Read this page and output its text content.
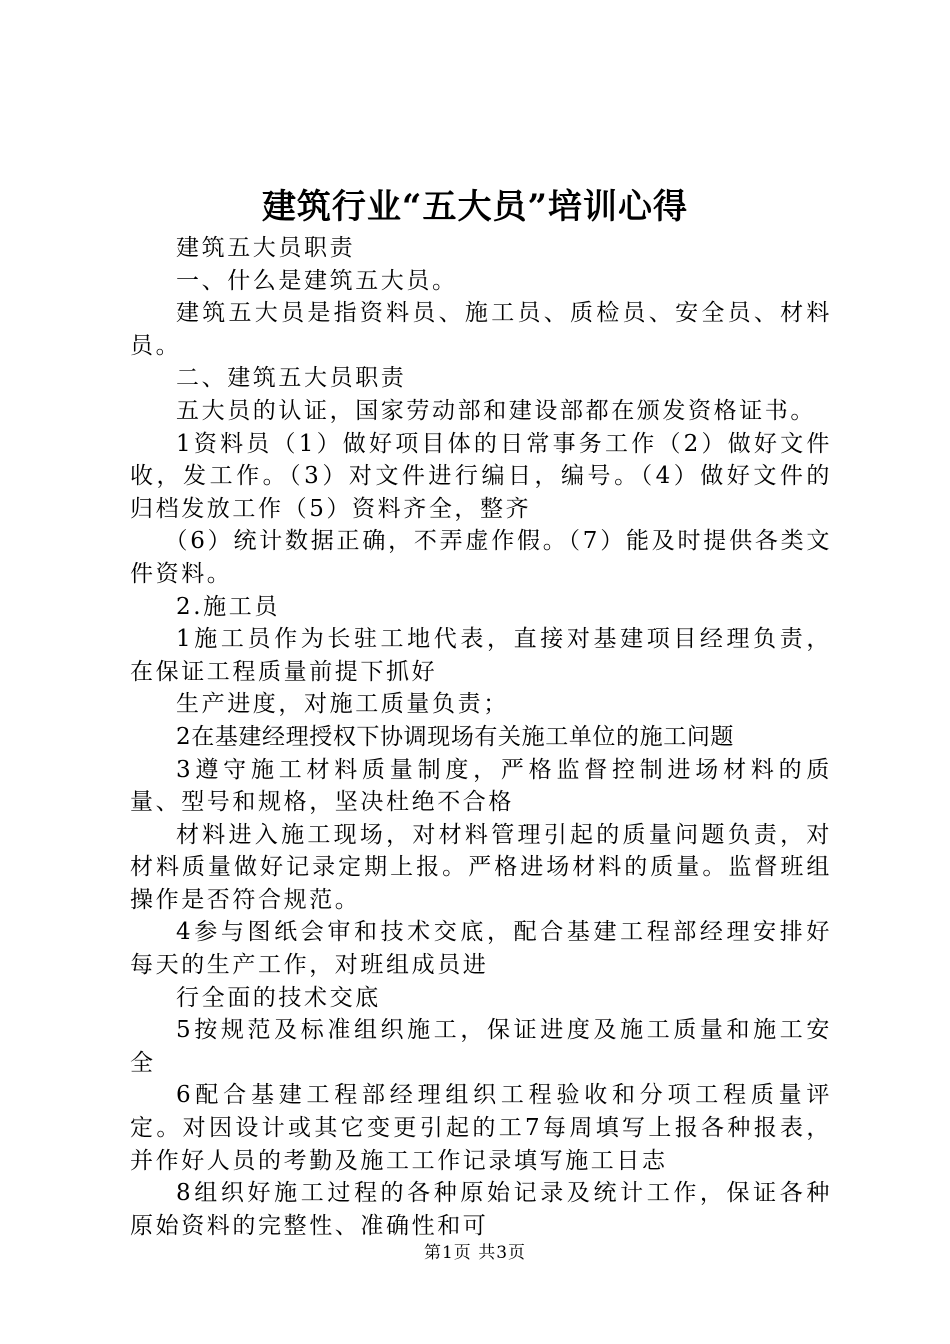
建筑行业“五大员”培训心得

建筑五大员职责

一、什么是建筑五大员。

建筑五大员是指资料员、施工员、质检员、安全员、材料员。

二、建筑五大员职责

五大员的认证，国家劳动部和建设部都在颁发资格证书。

1资料员（1）做好项目体的日常事务工作（2）做好文件收，发工作。（3）对文件进行编日，编号。（4）做好文件的归档发放工作（5）资料齐全，整齐

（6）统计数据正确，不弄虚作假。（7）能及时提供各类文件资料。

2.施工员

1施工员作为长驻工地代表，直接对基建项目经理负责，在保证工程质量前提下抓好

生产进度，对施工质量负责；

2在基建经理授权下协调现场有关施工单位的施工问题

3遵守施工材料质量制度，严格监督控制进场材料的质量、型号和规格，坚决杜绝不合格

材料进入施工现场，对材料管理引起的质量问题负责，对材料质量做好记录定期上报。严格进场材料的质量。监督班组操作是否符合规范。

4参与图纸会审和技术交底，配合基建工程部经理安排好每天的生产工作，对班组成员进

行全面的技术交底

5按规范及标准组织施工，保证进度及施工质量和施工安全

6配合基建工程部经理组织工程验收和分项工程质量评定。对因设计或其它变更引起的工7每周填写上报各种报表，并作好人员的考勤及施工工作记录填写施工日志

8组织好施工过程的各种原始记录及统计工作，保证各种原始资料的完整性、准确性和可

第1页 共3页
